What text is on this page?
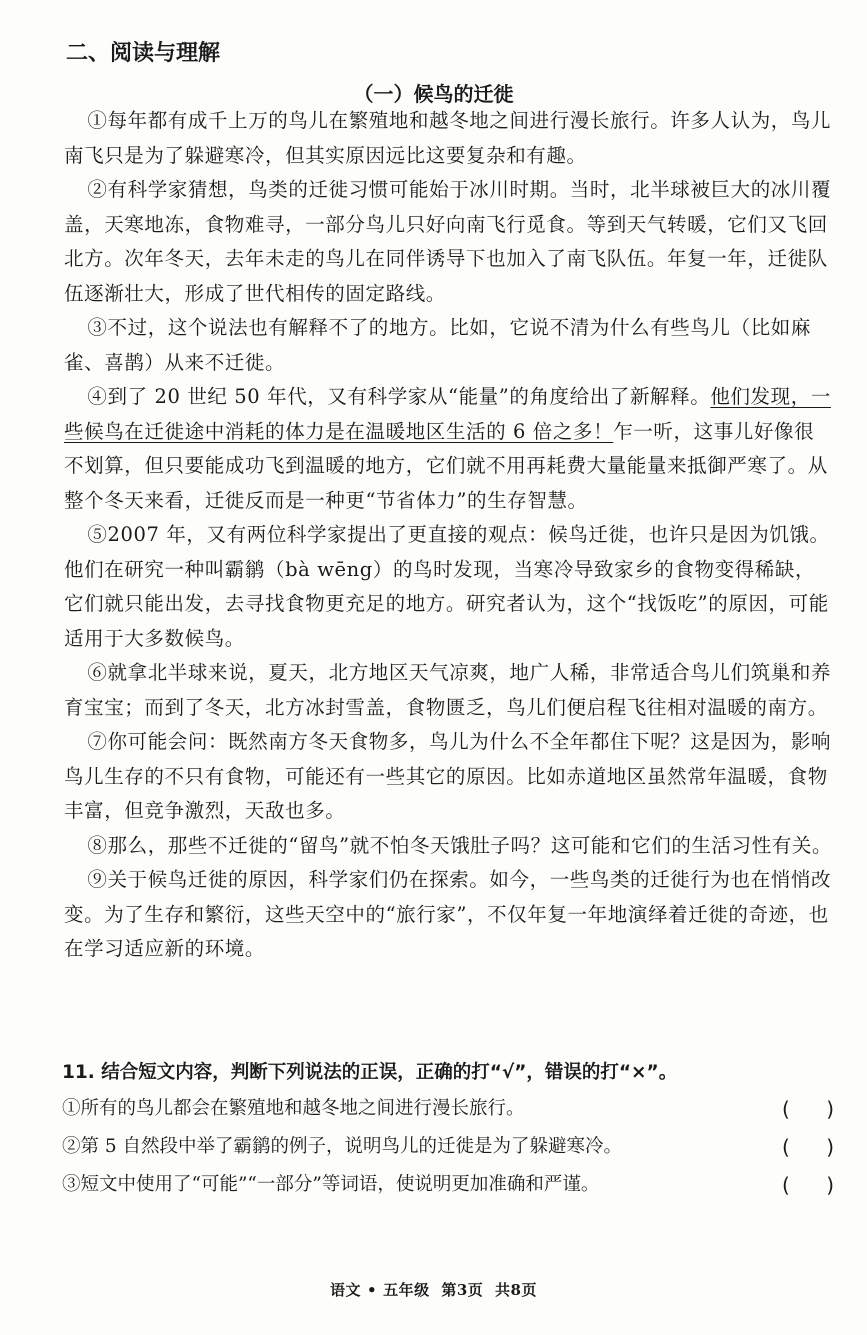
二、阅读与理解
（一）候鸟的迁徙

①每年都有成千上万的鸟儿在繁殖地和越冬地之间进行漫长旅行。许多人认为，鸟儿南飞只是为了躲避寒冷，但其实原因远比这要复杂和有趣。

②有科学家猜想，鸟类的迁徙习惯可能始于冰川时期。当时，北半球被巨大的冰川覆盖，天寒地冻，食物难寻，一部分鸟儿只好向南飞行觅食。等到天气转暖，它们又飞回北方。次年冬天，去年未走的鸟儿在同伴诱导下也加入了南飞队伍。年复一年，迁徙队伍逐渐壮大，形成了世代相传的固定路线。

③不过，这个说法也有解释不了的地方。比如，它说不清为什么有些鸟儿（比如麻雀、喜鹊）从来不迁徙。

④到了 20 世纪 50 年代，又有科学家从“能量”的角度给出了新解释。他们发现，一些候鸟在迁徙途中消耗的体力是在温暖地区生活的 6 倍之多！乍一听，这事儿好像很不划算，但只要能成功飞到温暖的地方，它们就不用再耗费大量能量来抵御严寒了。从整个冬天来看，迁徙反而是一种更“节省体力”的生存智慧。

⑤2007 年，又有两位科学家提出了更直接的观点：候鸟迁徙，也许只是因为饥饿。他们在研究一种叫霸鹟（bà wēng）的鸟时发现，当寒冷导致家乡的食物变得稀缺，它们就只能出发，去寻找食物更充足的地方。研究者认为，这个“找饭吃”的原因，可能适用于大多数候鸟。

⑥就拿北半球来说，夏天，北方地区天气凉爽，地广人稀，非常适合鸟儿们筑巢和养育宝宝；而到了冬天，北方冰封雪盖，食物匮乏，鸟儿们便启程飞往相对温暖的南方。

⑦你可能会问：既然南方冬天食物多，鸟儿为什么不全年都住下呢？这是因为，影响鸟儿生存的不只有食物，可能还有一些其它的原因。比如赤道地区虽然常年温暖，食物丰富，但竞争激烈，天敌也多。

⑧那么，那些不迁徙的“留鸟”就不怕冬天饿肚子吗？这可能和它们的生活习性有关。

⑨关于候鸟迁徙的原因，科学家们仍在探索。如今，一些鸟类的迁徙行为也在悄悄改变。为了生存和繁衍，这些天空中的“旅行家”，不仅年复一年地演绎着迁徙的奇迹，也在学习适应新的环境。

11. 结合短文内容，判断下列说法的正误，正确的打“√”，错误的打“×”。
①所有的鸟儿都会在繁殖地和越冬地之间进行漫长旅行。	( )
②第 5 自然段中举了霸鹟的例子，说明鸟儿的迁徙是为了躲避寒冷。	( )
③短文中使用了“可能”“一部分”等词语，使说明更加准确和严谨。	( )
语文 • 五年级 第3页 共8页
